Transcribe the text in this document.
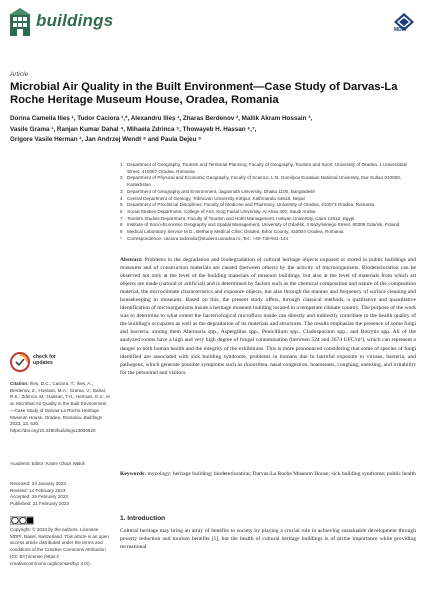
buildings	MDPI
Article
Microbial Air Quality in the Built Environment—Case Study of Darvas-La Roche Heritage Museum House, Oradea, Romania
Dorina Camelia Ilieș ¹, Tudor Caciora ¹,*, Alexandru Ilieș ¹, Zharas Berdenov ², Mallik Akram Hossain ³,
Vasile Grama ¹, Ranjan Kumar Dahal ⁴, Mihaela Zdrinca ⁵, Thowayeb H. Hassan ⁶,⁷,
Grigore Vasile Herman ¹, Jan Andrzej Wendt ⁸ and Paula Dejeu ⁹
1 Department of Geography, Tourism and Territorial Planning, Faculty of Geography, Tourism and Sport, University of Oradea, 1 Universitatii Street, 410087 Oradea, Romania
2 Department of Physical and Economic Geography, Faculty of Science, L.N. Gumilyov Eurasian National University, Nur-Sultan 010008, Kazakhstan
3 Department of Geography and Environment, Jagannath University, Dhaka 1100, Bangladesh
4 Central Department of Geology, Tribhuvan University Kirtipur, Kathmandu 44618, Nepal
5 Department of Preclinical Disciplines, Faculty of Medicine and Pharmacy, University of Oradea, 410073 Oradea, Romania
6 Social Studies Department, College of Arts, King Faisal University, Al Ahsa 400, Saudi Arabia
7 Tourism Studies Department, Faculty of Tourism and Hotel Management, Helwan University, Cairo 12612, Egypt
8 Institute of Socio-Economic Geography and Spatial Management, University of Gdańsk, 4 Bażyńskiego Street, 80309 Gdańsk, Poland
9 Medical Laboratory Service M.D., Bethany Medical Clinic Oradea, Bihor County, 410004 Oradea, Romania
*	Correspondence: caciora.tudoraliu@student.uoradea.ro; Tel.: +40-740-941-144
check for
updates
Citation: Ilieș, D.C.; Caciora, T.; Ilieș, A.; Berdenov, Z.; Hossain, M.A.; Grama, V.; Dahal, R.K.; Zdrinca, M.; Hassan, T.H.; Herman, G.V.; et al. Microbial Air Quality in the Built Environment—Case Study of Darvas-La Roche Heritage Museum House, Oradea, Romania. Buildings 2023, 13, 620. https://doi.org/10.3390/buildings13030620
Academic Editor: Karim Ghazi Wakili
Received: 23 January 2023
Revised: 14 February 2023
Accepted: 19 February 2023
Published: 21 February 2023
Copyright: © 2023 by the authors. Licensee MDPI, Basel, Switzerland. This article is an open access article distributed under the terms and conditions of the Creative Commons Attribution (CC BY) license (https:// creativecommons.org/licenses/by/ 4.0/).
Abstract: Problems in the degradation and biodegradation of cultural heritage objects exposed or stored in public buildings and museums and of construction materials are caused (between others) by the activity of microorganisms. Biodeterioration can be observed not only at the level of the building materials of museum buildings, but also at the level of materials from which art objects are made (natural or artificial) and is determined by factors such as the chemical composition and nature of the composition material, the microclimate characteristics and exposure objects, but also through the manner and frequency of surface cleaning and housekeeping in museums. Based on this, the present study offers, through classical methods, a qualitative and quantitative identification of microorganisms inside a heritage museum building located in a temperate climate country. The purpose of the work was to determine to what extent the bacteriological microflora inside can directly and indirectly contribute to the health quality of the building's occupants as well as the degradation of its materials and structures. The results emphasize the presence of some fungi and bacteria, among them Alternaria spp., Aspergillus spp., Penicillium spp., Cladosporium spp., and Botrytis spp. All of the analyzed rooms have a high and very high degree of fungal contamination (between 524 and 3674 UFC/m³), which can represent a danger to both human health and the integrity of the exhibitions. This is more pronounced considering that some of species of fungi identified are associated with sick building syndrome, problems in humans due to harmful exposure to viruses, bacteria, and pathogens, which generate possible symptoms such as rhinorrhea, nasal congestion, hoarseness, coughing, sneezing, and irritability for the personnel and visitors.
Keywords: mycology; heritage building; biodeterioration; Darvas-La Roche Museum House; sick building syndrome; public health
1. Introduction
Cultural heritage may bring an array of benefits to society by playing a crucial role in achieving sustainable development through poverty reduction and tourism benefits [1], but the health of cultural heritage buildings is of prime importance while providing recreational
